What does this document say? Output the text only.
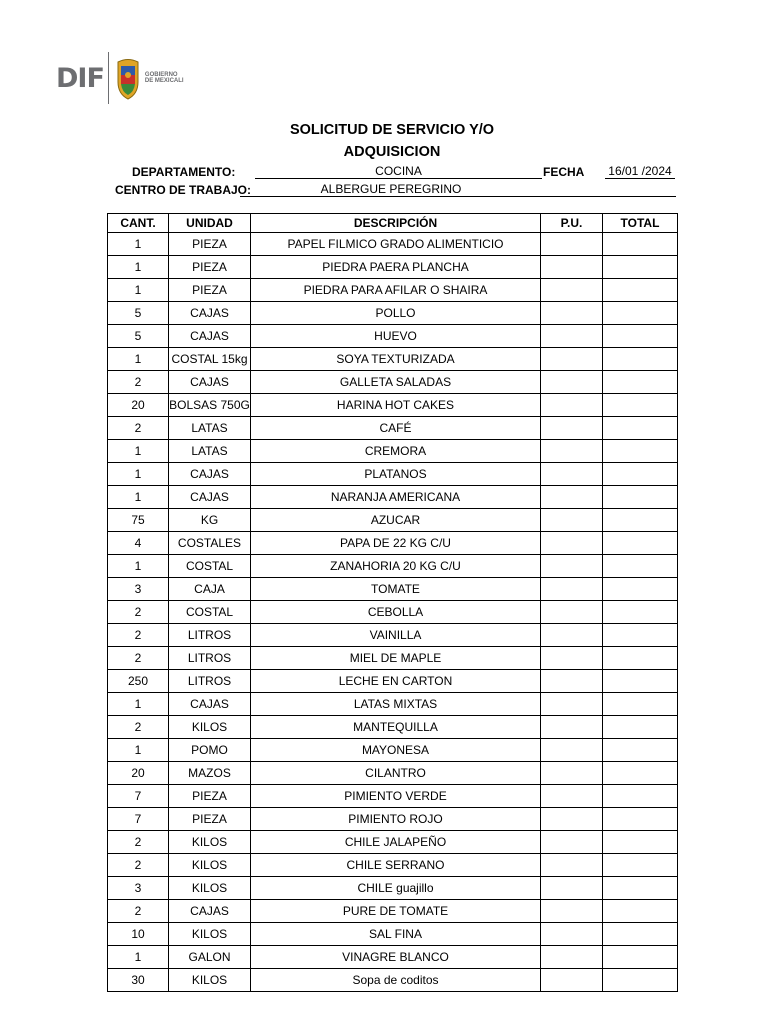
DIF	GOBIERNO
DE MEXICALI
SOLICITUD DE SERVICIO Y/O
ADQUISICION
DEPARTAMENTO:	COCINA	FECHA 16/01 /2024
CENTRO DE TRABAJO:	ALBERGUE PEREGRINO
CANT.	UNIDAD	DESCRIPCIÓN	P.U.	TOTAL
1	PIEZA	PAPEL FILMICO GRADO ALIMENTICIO		
1	PIEZA	PIEDRA PAERA PLANCHA		
1	PIEZA	PIEDRA PARA AFILAR O SHAIRA		
5	CAJAS	POLLO		
5	CAJAS	HUEVO		
1	COSTAL 15kg	SOYA TEXTURIZADA		
2	CAJAS	GALLETA SALADAS		
20	BOLSAS 750G	HARINA HOT CAKES		
2	LATAS	CAFÉ		
1	LATAS	CREMORA		
1	CAJAS	PLATANOS		
1	CAJAS	NARANJA AMERICANA		
75	KG	AZUCAR		
4	COSTALES	PAPA DE 22 KG C/U		
1	COSTAL	ZANAHORIA 20 KG C/U		
3	CAJA	TOMATE		
2	COSTAL	CEBOLLA		
2	LITROS	VAINILLA		
2	LITROS	MIEL DE MAPLE		
250	LITROS	LECHE EN CARTON		
1	CAJAS	LATAS MIXTAS		
2	KILOS	MANTEQUILLA		
1	POMO	MAYONESA		
20	MAZOS	CILANTRO		
7	PIEZA	PIMIENTO VERDE		
7	PIEZA	PIMIENTO ROJO		
2	KILOS	CHILE JALAPEÑO		
2	KILOS	CHILE SERRANO		
3	KILOS	CHILE guajillo		
2	CAJAS	PURE DE TOMATE		
10	KILOS	SAL FINA		
1	GALON	VINAGRE BLANCO		
30	KILOS	Sopa de coditos		
